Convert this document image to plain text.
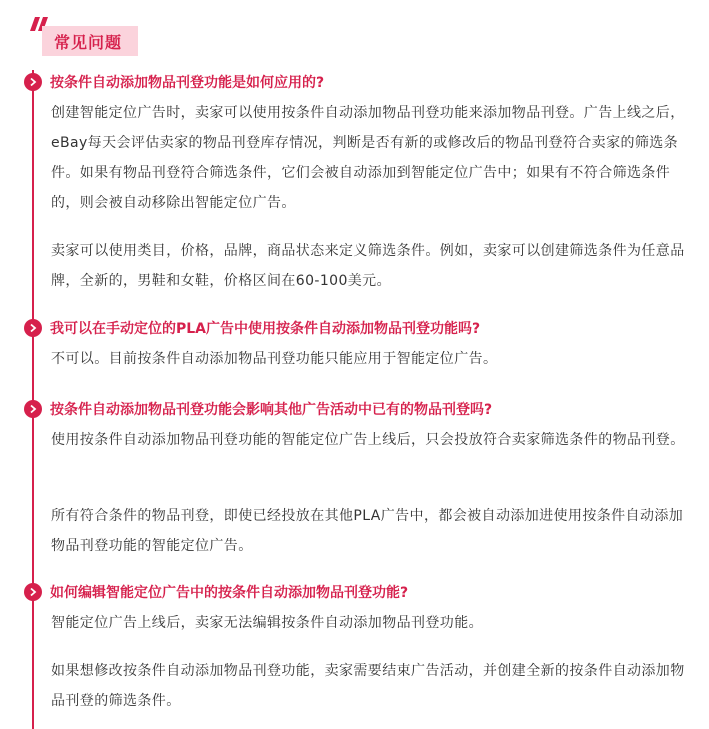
常见问题
按条件自动添加物品刊登功能是如何应用的?

创建智能定位广告时，卖家可以使用按条件自动添加物品刊登功能来添加物品刊登。广告上线之后，eBay每天会评估卖家的物品刊登库存情况，判断是否有新的或修改后的物品刊登符合卖家的筛选条件。如果有物品刊登符合筛选条件，它们会被自动添加到智能定位广告中；如果有不符合筛选条件的，则会被自动移除出智能定位广告。

卖家可以使用类目，价格，品牌，商品状态来定义筛选条件。例如，卖家可以创建筛选条件为任意品牌，全新的，男鞋和女鞋，价格区间在60-100美元。

我可以在手动定位的PLA广告中使用按条件自动添加物品刊登功能吗?

不可以。目前按条件自动添加物品刊登功能只能应用于智能定位广告。

按条件自动添加物品刊登功能会影响其他广告活动中已有的物品刊登吗?

使用按条件自动添加物品刊登功能的智能定位广告上线后，只会投放符合卖家筛选条件的物品刊登。

所有符合条件的物品刊登，即使已经投放在其他PLA广告中，都会被自动添加进使用按条件自动添加物品刊登功能的智能定位广告。

如何编辑智能定位广告中的按条件自动添加物品刊登功能?

智能定位广告上线后，卖家无法编辑按条件自动添加物品刊登功能。

如果想修改按条件自动添加物品刊登功能，卖家需要结束广告活动，并创建全新的按条件自动添加物品刊登的筛选条件。
